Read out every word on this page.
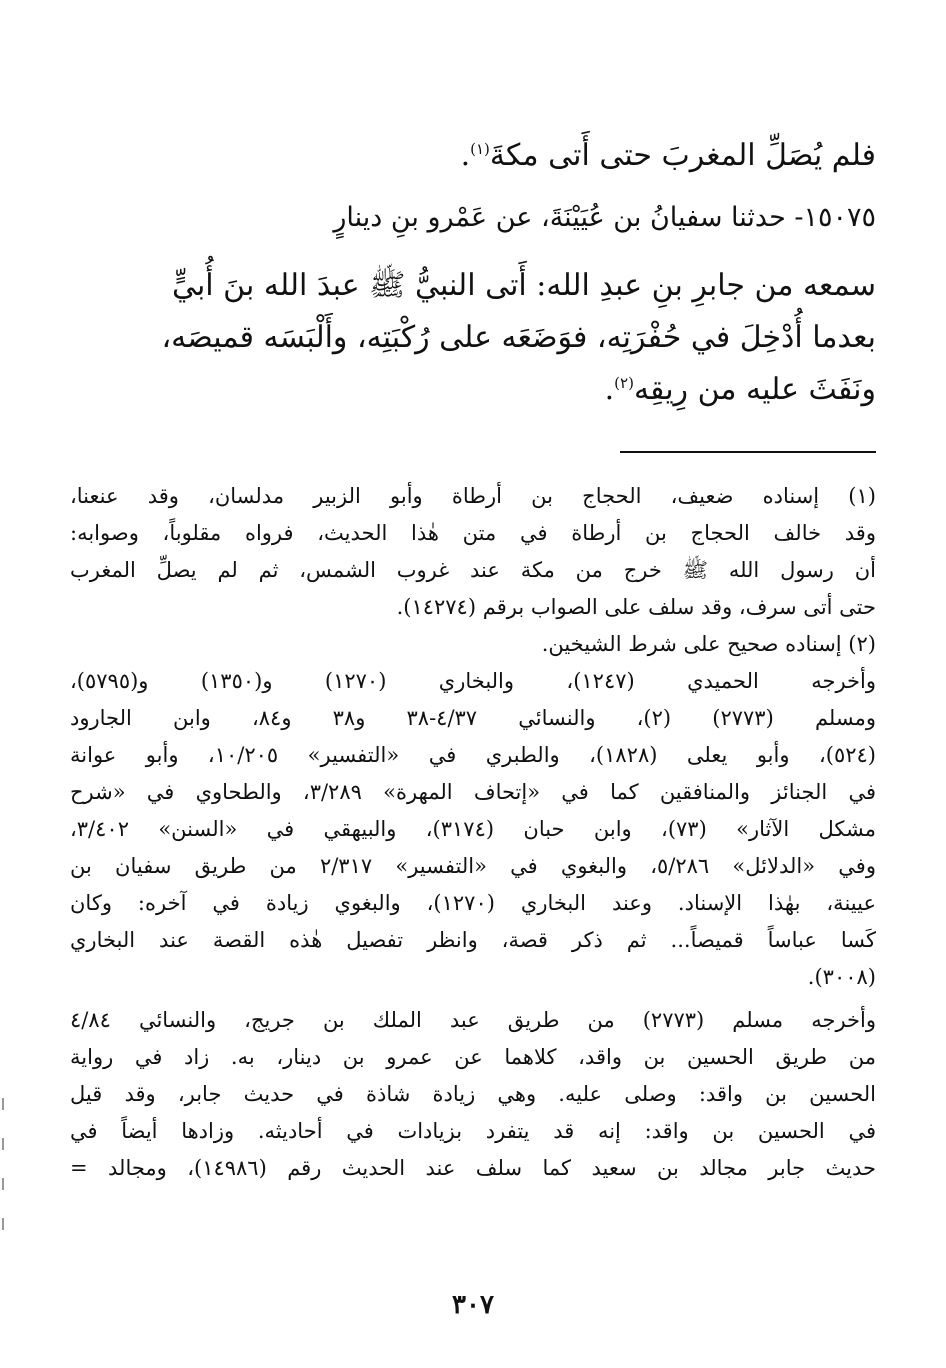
فلم يُصَلِّ المغربَ حتى أَتى مكةَ$^{(١)}$.
١٥٠٧٥- حدثنا سفيانُ بن عُيَيْنَةَ، عن عَمْرو بنِ دينارٍ
سمعه من جابرِ بنِ عبدِ الله: أَتى النبيُّ ﷺ عبدَ الله بنَ أُبيٍّ
بعدما أُدْخِلَ في حُفْرَتِه، فوَضَعَه على رُكْبَتِه، وأَلْبَسَه قميصَه،
ونَفَثَ عليه من رِيقِه$^{(٢)}$.
(١) إسناده ضعيف، الحجاج بن أرطاة وأبو الزبير مدلسان، وقد عنعنا،
وقد خالف الحجاج بن أرطاة في متن هٰذا الحديث، فرواه مقلوباً، وصوابه:
أن رسول الله ﷺ خرج من مكة عند غروب الشمس، ثم لم يصلِّ المغرب
حتى أتى سرف، وقد سلف على الصواب برقم (١٤٢٧٤).
(٢) إسناده صحيح على شرط الشيخين.
وأخرجه الحميدي (١٢٤٧)، والبخاري (١٢٧٠) و(١٣٥٠) و(٥٧٩٥)،
ومسلم (٢٧٧٣) (٢)، والنسائي ٤/٣٧-٣٨ و٣٨ و٨٤، وابن الجارود
(٥٢٤)، وأبو يعلى (١٨٢٨)، والطبري في «التفسير» ١٠/٢٠٥، وأبو عوانة
في الجنائز والمنافقين كما في «إتحاف المهرة» ٣/٢٨٩، والطحاوي في «شرح
مشكل الآثار» (٧٣)، وابن حبان (٣١٧٤)، والبيهقي في «السنن» ٣/٤٠٢،
وفي «الدلائل» ٥/٢٨٦، والبغوي في «التفسير» ٢/٣١٧ من طريق سفيان بن
عيينة، بهٰذا الإسناد. وعند البخاري (١٢٧٠)، والبغوي زيادة في آخره: وكان
كَسا عباساً قميصاً... ثم ذكر قصة، وانظر تفصيل هٰذه القصة عند البخاري
(٣٠٠٨).
وأخرجه مسلم (٢٧٧٣) من طريق عبد الملك بن جريج، والنسائي ٤/٨٤
من طريق الحسين بن واقد، كلاهما عن عمرو بن دينار، به. زاد في رواية
الحسين بن واقد: وصلى عليه. وهي زيادة شاذة في حديث جابر، وقد قيل
في الحسين بن واقد: إنه قد يتفرد بزيادات في أحاديثه. وزادها أيضاً في
حديث جابر مجالد بن سعيد كما سلف عند الحديث رقم (١٤٩٨٦)، ومجالد =
٣٠٧
